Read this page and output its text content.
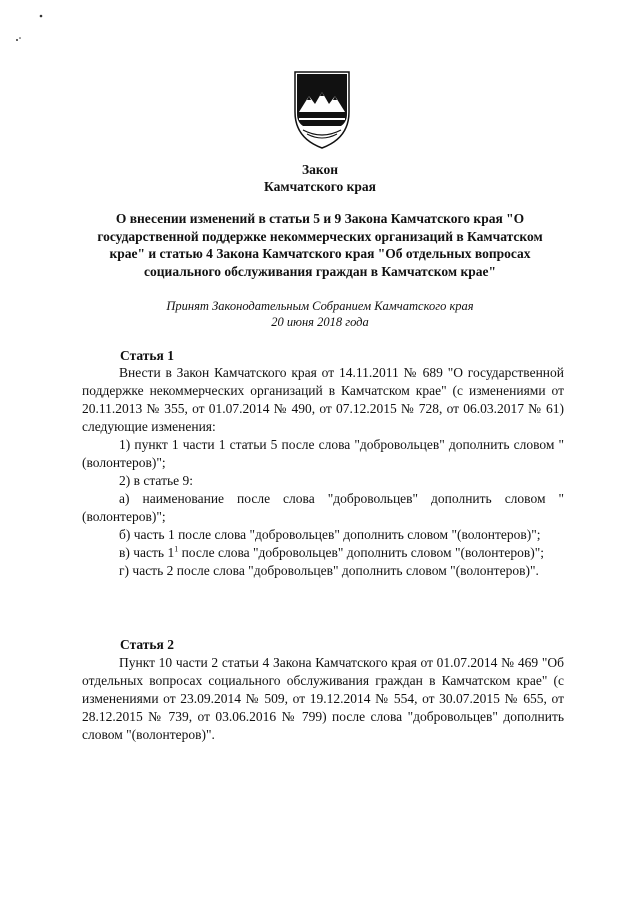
Закон
Камчатского края
О внесении изменений в статьи 5 и 9 Закона Камчатского края "О государственной поддержке некоммерческих организаций в Камчатском крае" и статью 4 Закона Камчатского края "Об отдельных вопросах социального обслуживания граждан в Камчатском крае"
Принят Законодательным Собранием Камчатского края
20 июня 2018 года
Статья 1

Внести в Закон Камчатского края от 14.11.2011 № 689 "О государственной поддержке некоммерческих организаций в Камчатском крае" (с изменениями от 20.11.2013 № 355, от 01.07.2014 № 490, от 07.12.2015 № 728, от 06.03.2017 № 61) следующие изменения:

1) пункт 1 части 1 статьи 5 после слова "добровольцев" дополнить словом "(волонтеров)";

2) в статье 9:

а) наименование после слова "добровольцев" дополнить словом "(волонтеров)";

б) часть 1 после слова "добровольцев" дополнить словом "(волонтеров)";

в) часть $1^1$ после слова "добровольцев" дополнить словом "(волонтеров)";

г) часть 2 после слова "добровольцев" дополнить словом "(волонтеров)".

Статья 2

Пункт 10 части 2 статьи 4 Закона Камчатского края от 01.07.2014 № 469 "Об отдельных вопросах социального обслуживания граждан в Камчатском крае" (с изменениями от 23.09.2014 № 509, от 19.12.2014 № 554, от 30.07.2015 № 655, от 28.12.2015 № 739, от 03.06.2016 № 799) после слова "добровольцев" дополнить словом "(волонтеров)".
